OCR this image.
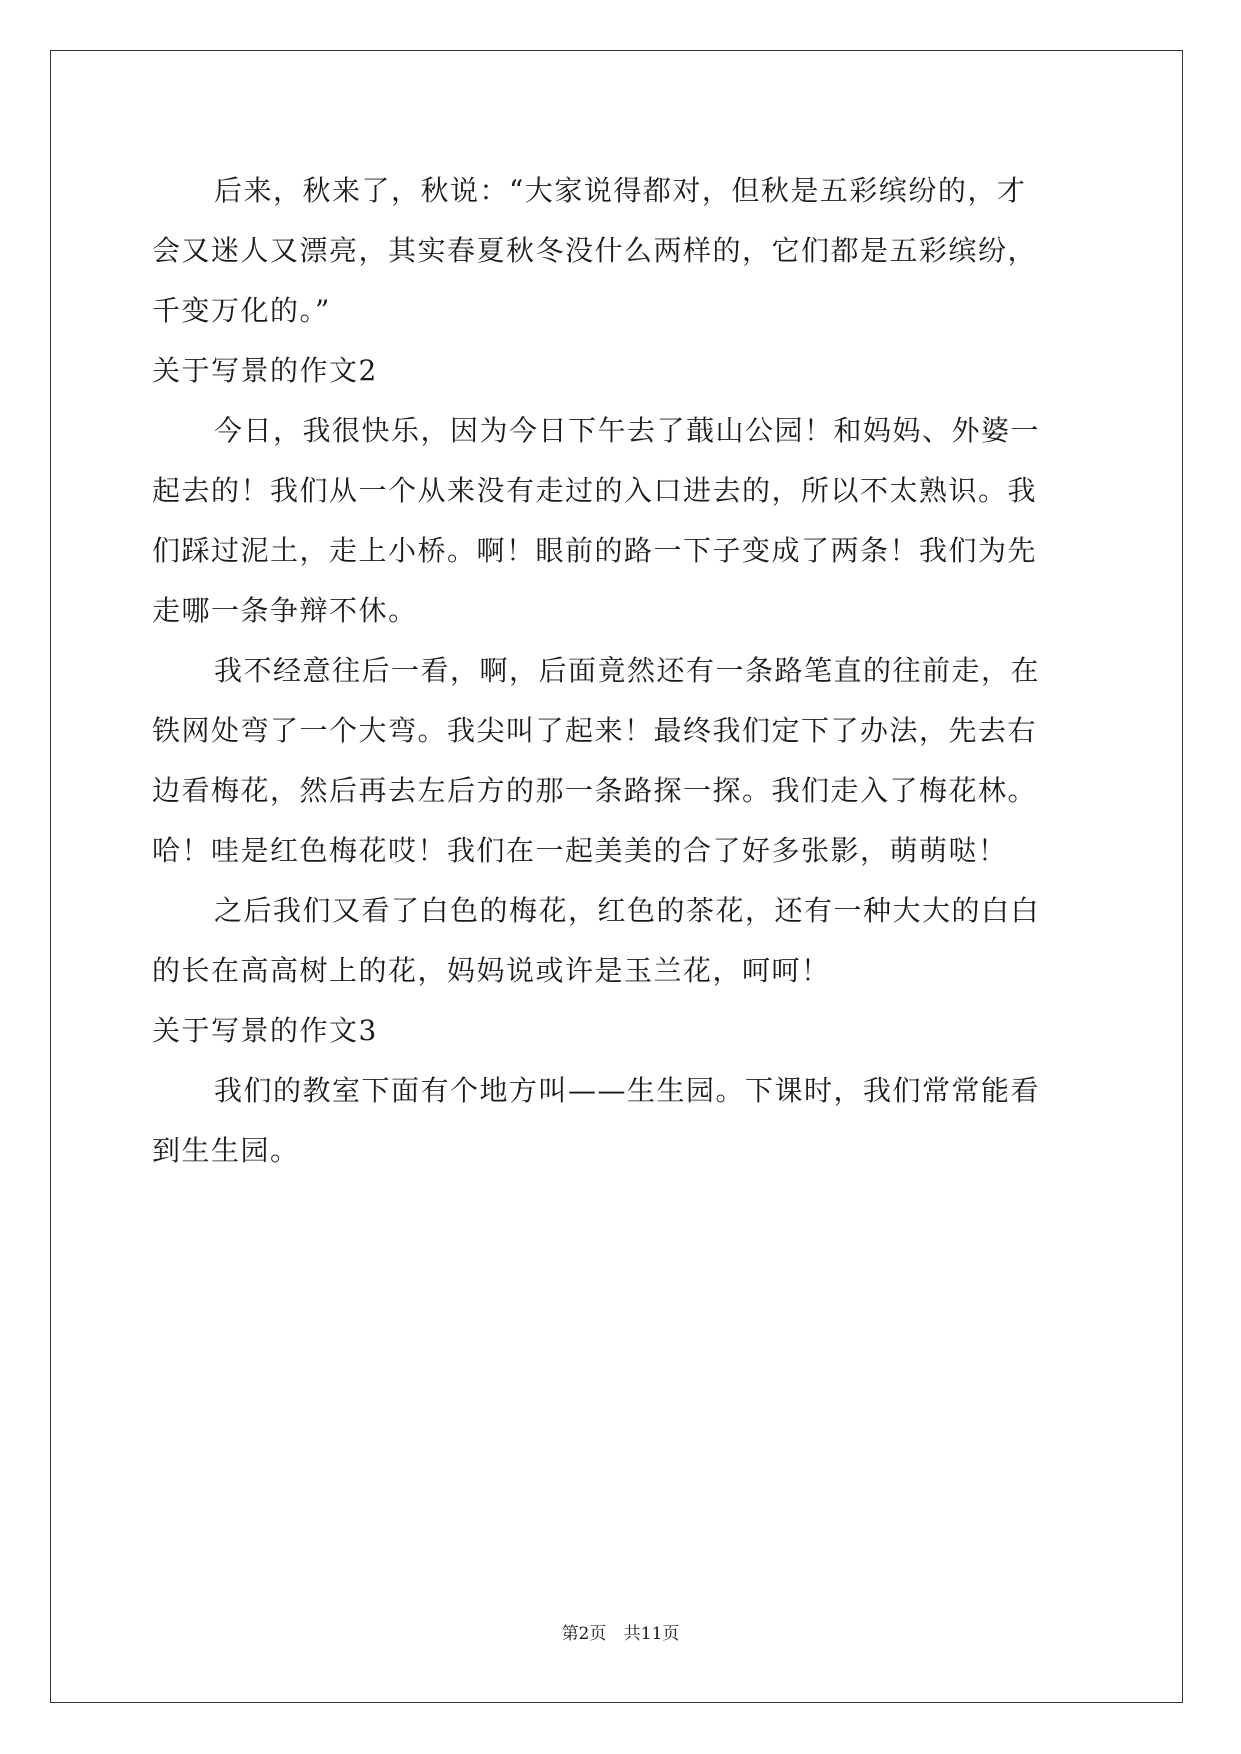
后来，秋来了，秋说：“大家说得都对，但秋是五彩缤纷的，才
会又迷人又漂亮，其实春夏秋冬没什么两样的，它们都是五彩缤纷，
千变万化的。”

关于写景的作文2

今日，我很快乐，因为今日下午去了蕺山公园！和妈妈、外婆一
起去的！我们从一个从来没有走过的入口进去的，所以不太熟识。我
们踩过泥土，走上小桥。啊！眼前的路一下子变成了两条！我们为先
走哪一条争辩不休。

我不经意往后一看，啊，后面竟然还有一条路笔直的往前走，在
铁网处弯了一个大弯。我尖叫了起来！最终我们定下了办法，先去右
边看梅花，然后再去左后方的那一条路探一探。我们走入了梅花林。
哈！哇是红色梅花哎！我们在一起美美的合了好多张影，萌萌哒！

之后我们又看了白色的梅花，红色的茶花，还有一种大大的白白
的长在高高树上的花，妈妈说或许是玉兰花，呵呵！

关于写景的作文3

我们的教室下面有个地方叫——生生园。下课时，我们常常能看
到生生园。

第2页 共11页
